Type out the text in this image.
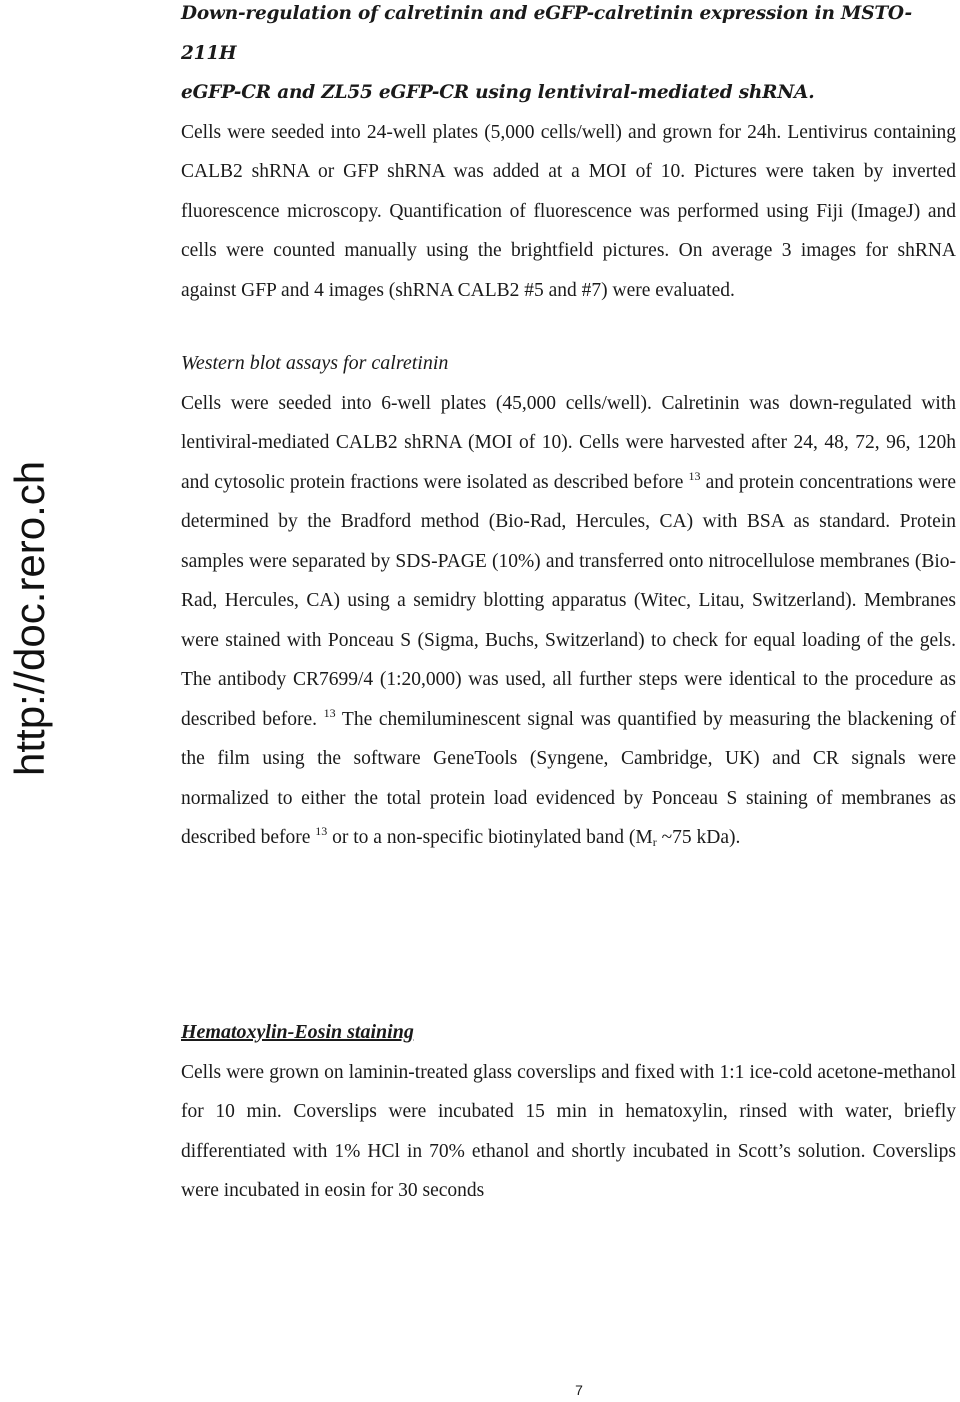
http://doc.rero.ch

Down-regulation of calretinin and eGFP-calretinin expression in MSTO-211H

eGFP-CR and ZL55 eGFP-CR using lentiviral-mediated shRNA.

Cells were seeded into 24-well plates (5,000 cells/well) and grown for 24h. Lentivirus containing CALB2 shRNA or GFP shRNA was added at a MOI of 10. Pictures were taken by inverted fluorescence microscopy. Quantification of fluorescence was performed using Fiji (ImageJ) and cells were counted manually using the brightfield pictures. On average 3 images for shRNA against GFP and 4 images (shRNA CALB2 #5 and #7) were evaluated.

Western blot assays for calretinin

Cells were seeded into 6-well plates (45,000 cells/well). Calretinin was down-regulated with lentiviral-mediated CALB2 shRNA (MOI of 10). Cells were harvested after 24, 48, 72, 96, 120h and cytosolic protein fractions were isolated as described before $^{13}$ and protein concentrations were determined by the Bradford method (Bio-Rad, Hercules, CA) with BSA as standard. Protein samples were separated by SDS-PAGE (10%) and transferred onto nitrocellulose membranes (Bio-Rad, Hercules, CA) using a semidry blotting apparatus (Witec, Litau, Switzerland). Membranes were stained with Ponceau S (Sigma, Buchs, Switzerland) to check for equal loading of the gels. The antibody CR7699/4 (1:20,000) was used, all further steps were identical to the procedure as described before. $^{13}$ The chemiluminescent signal was quantified by measuring the blackening of the film using the software GeneTools (Syngene, Cambridge, UK) and CR signals were normalized to either the total protein load evidenced by Ponceau S staining of membranes as described before $^{13}$ or to a non-specific biotinylated band ($M_r$ ~75 kDa).

Hematoxylin-Eosin staining

Cells were grown on laminin-treated glass coverslips and fixed with 1:1 ice-cold acetone-methanol for 10 min. Coverslips were incubated 15 min in hematoxylin, rinsed with water, briefly differentiated with 1% HCl in 70% ethanol and shortly incubated in Scott’s solution. Coverslips were incubated in eosin for 30 seconds

7
